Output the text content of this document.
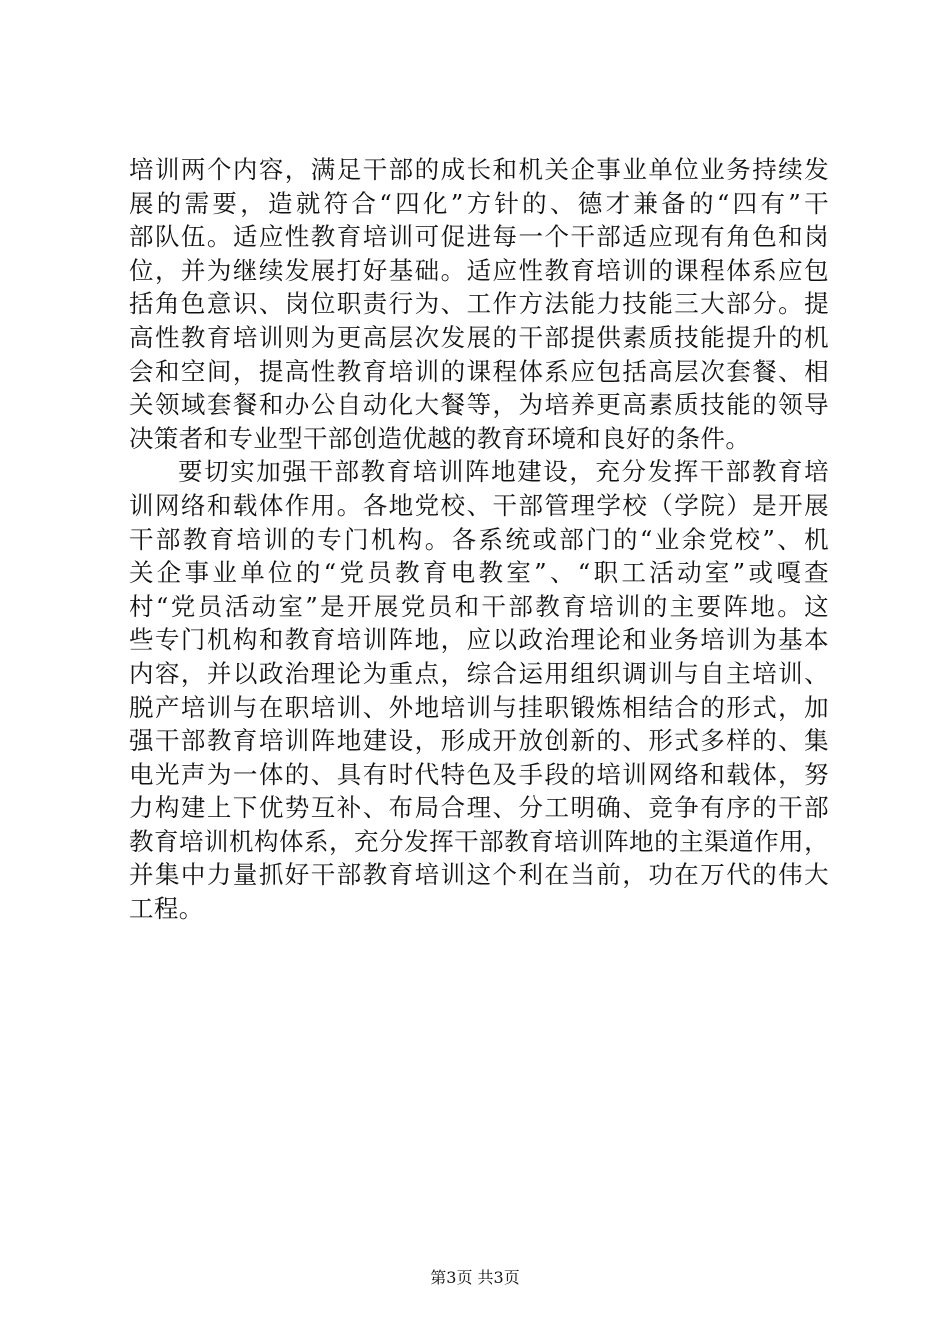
培训两个内容，满足干部的成长和机关企事业单位业务持续发
展的需要，造就符合“四化”方针的、德才兼备的“四有”干
部队伍。适应性教育培训可促进每一个干部适应现有角色和岗
位，并为继续发展打好基础。适应性教育培训的课程体系应包
括角色意识、岗位职责行为、工作方法能力技能三大部分。提
高性教育培训则为更高层次发展的干部提供素质技能提升的机
会和空间，提高性教育培训的课程体系应包括高层次套餐、相
关领域套餐和办公自动化大餐等，为培养更高素质技能的领导
决策者和专业型干部创造优越的教育环境和良好的条件。
要切实加强干部教育培训阵地建设，充分发挥干部教育培
训网络和载体作用。各地党校、干部管理学校（学院）是开展
干部教育培训的专门机构。各系统或部门的“业余党校”、机
关企事业单位的“党员教育电教室”、“职工活动室”或嘎查
村“党员活动室”是开展党员和干部教育培训的主要阵地。这
些专门机构和教育培训阵地，应以政治理论和业务培训为基本
内容，并以政治理论为重点，综合运用组织调训与自主培训、
脱产培训与在职培训、外地培训与挂职锻炼相结合的形式，加
强干部教育培训阵地建设，形成开放创新的、形式多样的、集
电光声为一体的、具有时代特色及手段的培训网络和载体，努
力构建上下优势互补、布局合理、分工明确、竞争有序的干部
教育培训机构体系，充分发挥干部教育培训阵地的主渠道作用，
并集中力量抓好干部教育培训这个利在当前，功在万代的伟大
工程。
第3页 共3页
